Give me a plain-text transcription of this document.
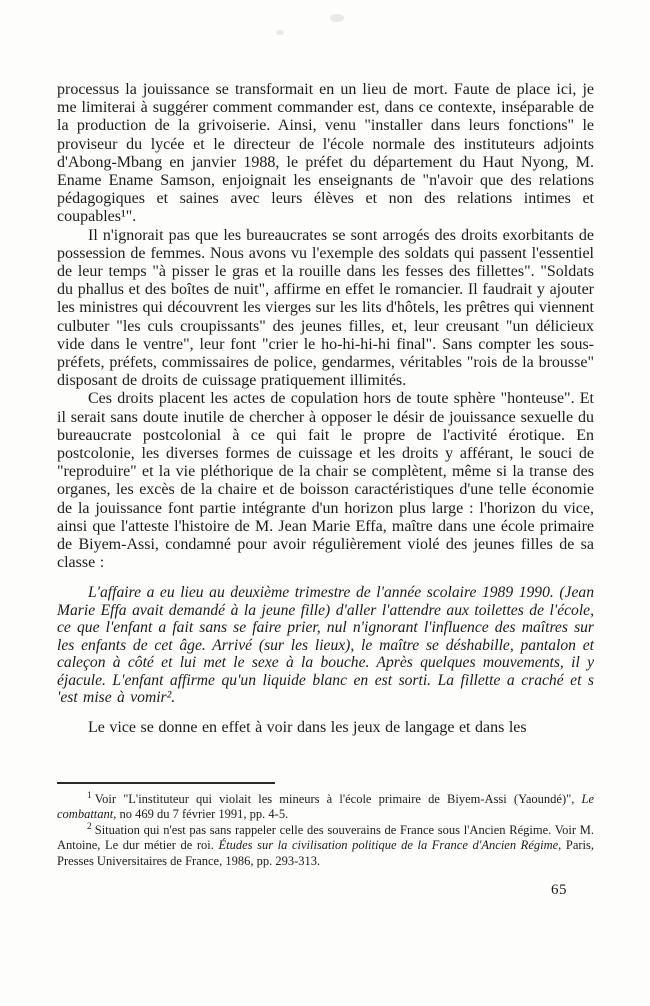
processus la jouissance se transformait en un lieu de mort. Faute de place ici, je me limiterai à suggérer comment commander est, dans ce contexte, inséparable de la production de la grivoiserie. Ainsi, venu "installer dans leurs fonctions" le proviseur du lycée et le directeur de l'école normale des instituteurs adjoints d'Abong-Mbang en janvier 1988, le préfet du département du Haut Nyong, M. Ename Ename Samson, enjoignait les enseignants de "n'avoir que des relations pédagogiques et saines avec leurs élèves et non des relations intimes et coupables¹".

Il n'ignorait pas que les bureaucrates se sont arrogés des droits exorbitants de possession de femmes. Nous avons vu l'exemple des soldats qui passent l'essentiel de leur temps "à pisser le gras et la rouille dans les fesses des fillettes". "Soldats du phallus et des boîtes de nuit", affirme en effet le romancier. Il faudrait y ajouter les ministres qui découvrent les vierges sur les lits d'hôtels, les prêtres qui viennent culbuter "les culs croupissants" des jeunes filles, et, leur creusant "un délicieux vide dans le ventre", leur font "crier le ho-hi-hi-hi final". Sans compter les sous-préfets, préfets, commissaires de police, gendarmes, véritables "rois de la brousse" disposant de droits de cuissage pratiquement illimités.

Ces droits placent les actes de copulation hors de toute sphère "honteuse". Et il serait sans doute inutile de chercher à opposer le désir de jouissance sexuelle du bureaucrate postcolonial à ce qui fait le propre de l'activité érotique. En postcolonie, les diverses formes de cuissage et les droits y afférant, le souci de "reproduire" et la vie pléthorique de la chair se complètent, même si la transe des organes, les excès de la chaire et de boisson caractéristiques d'une telle économie de la jouissance font partie intégrante d'un horizon plus large : l'horizon du vice, ainsi que l'atteste l'histoire de M. Jean Marie Effa, maître dans une école primaire de Biyem-Assi, condamné pour avoir régulièrement violé des jeunes filles de sa classe :

L'affaire a eu lieu au deuxième trimestre de l'année scolaire 1989 1990. (Jean Marie Effa avait demandé à la jeune fille) d'aller l'attendre aux toilettes de l'école, ce que l'enfant a fait sans se faire prier, nul n'ignorant l'influence des maîtres sur les enfants de cet âge. Arrivé (sur les lieux), le maître se déshabille, pantalon et caleçon à côté et lui met le sexe à la bouche. Après quelques mouvements, il y éjacule. L'enfant affirme qu'un liquide blanc en est sorti. La fillette a craché et s 'est mise à vomir².

Le vice se donne en effet à voir dans les jeux de langage et dans les

$^1$ Voir "L'instituteur qui violait les mineurs à l'école primaire de Biyem-Assi (Yaoundé)", Le combattant, no 469 du 7 février 1991, pp. 4-5.

$^2$ Situation qui n'est pas sans rappeler celle des souverains de France sous l'Ancien Régime. Voir M. Antoine, Le dur métier de roi. Études sur la civilisation politique de la France d'Ancien Régime, Paris, Presses Universitaires de France, 1986, pp. 293-313.

65
